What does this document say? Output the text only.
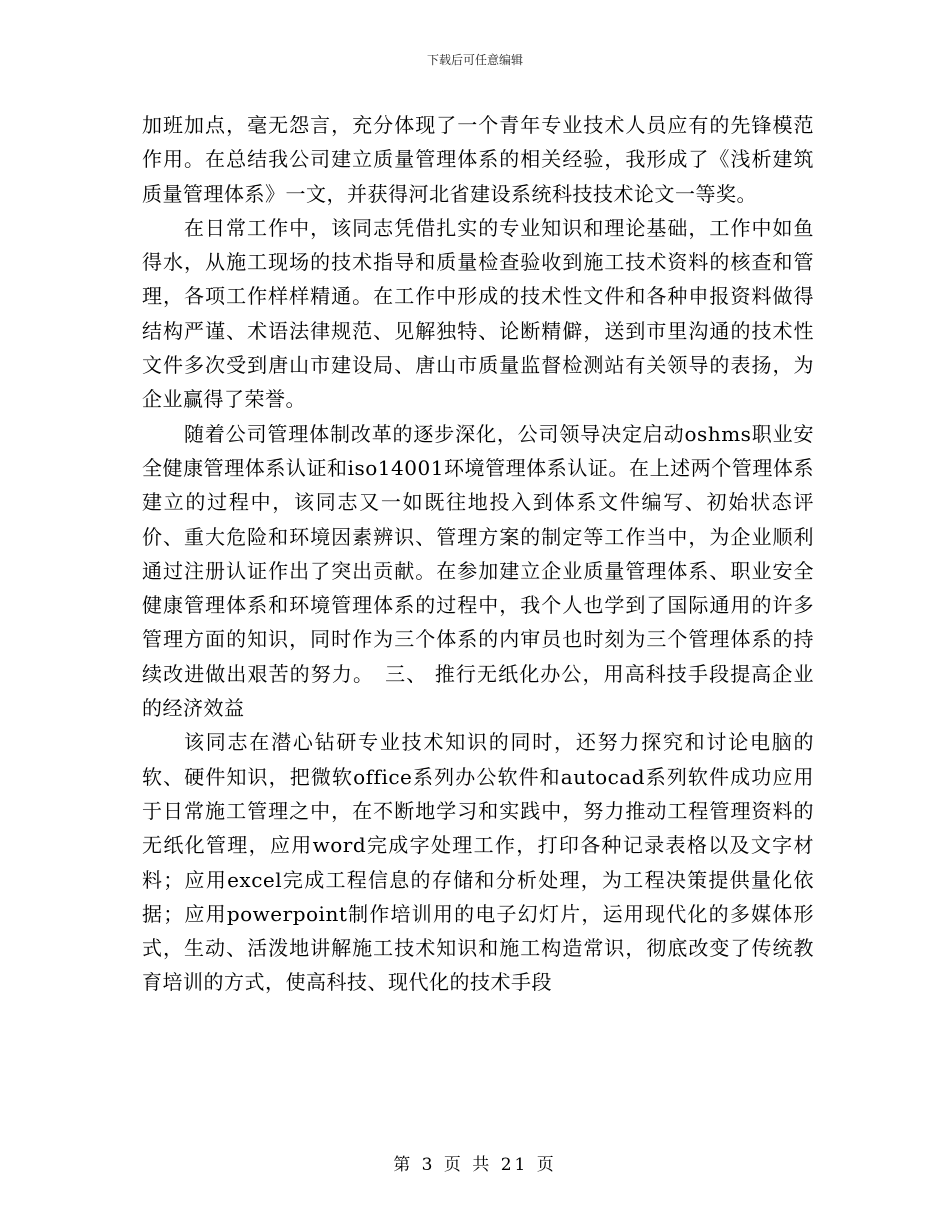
下载后可任意编辑

加班加点，毫无怨言，充分体现了一个青年专业技术人员应有的先锋模范作用。在总结我公司建立质量管理体系的相关经验，我形成了《浅析建筑质量管理体系》一文，并获得河北省建设系统科技技术论文一等奖。

在日常工作中，该同志凭借扎实的专业知识和理论基础，工作中如鱼得水，从施工现场的技术指导和质量检查验收到施工技术资料的核查和管理，各项工作样样精通。在工作中形成的技术性文件和各种申报资料做得结构严谨、术语法律规范、见解独特、论断精僻，送到市里沟通的技术性文件多次受到唐山市建设局、唐山市质量监督检测站有关领导的表扬，为企业赢得了荣誉。

随着公司管理体制改革的逐步深化，公司领导决定启动oshms职业安全健康管理体系认证和iso14001环境管理体系认证。在上述两个管理体系建立的过程中，该同志又一如既往地投入到体系文件编写、初始状态评价、重大危险和环境因素辨识、管理方案的制定等工作当中，为企业顺利通过注册认证作出了突出贡献。在参加建立企业质量管理体系、职业安全健康管理体系和环境管理体系的过程中，我个人也学到了国际通用的许多管理方面的知识，同时作为三个体系的内审员也时刻为三个管理体系的持续改进做出艰苦的努力。　三、 推行无纸化办公，用高科技手段提高企业的经济效益

该同志在潜心钻研专业技术知识的同时，还努力探究和讨论电脑的软、硬件知识，把微软office系列办公软件和autocad系列软件成功应用于日常施工管理之中，在不断地学习和实践中，努力推动工程管理资料的无纸化管理，应用word完成字处理工作，打印各种记录表格以及文字材料；应用excel完成工程信息的存储和分析处理，为工程决策提供量化依据；应用powerpoint制作培训用的电子幻灯片，运用现代化的多媒体形式，生动、活泼地讲解施工技术知识和施工构造常识，彻底改变了传统教育培训的方式，使高科技、现代化的技术手段

第 3 页 共 21 页
